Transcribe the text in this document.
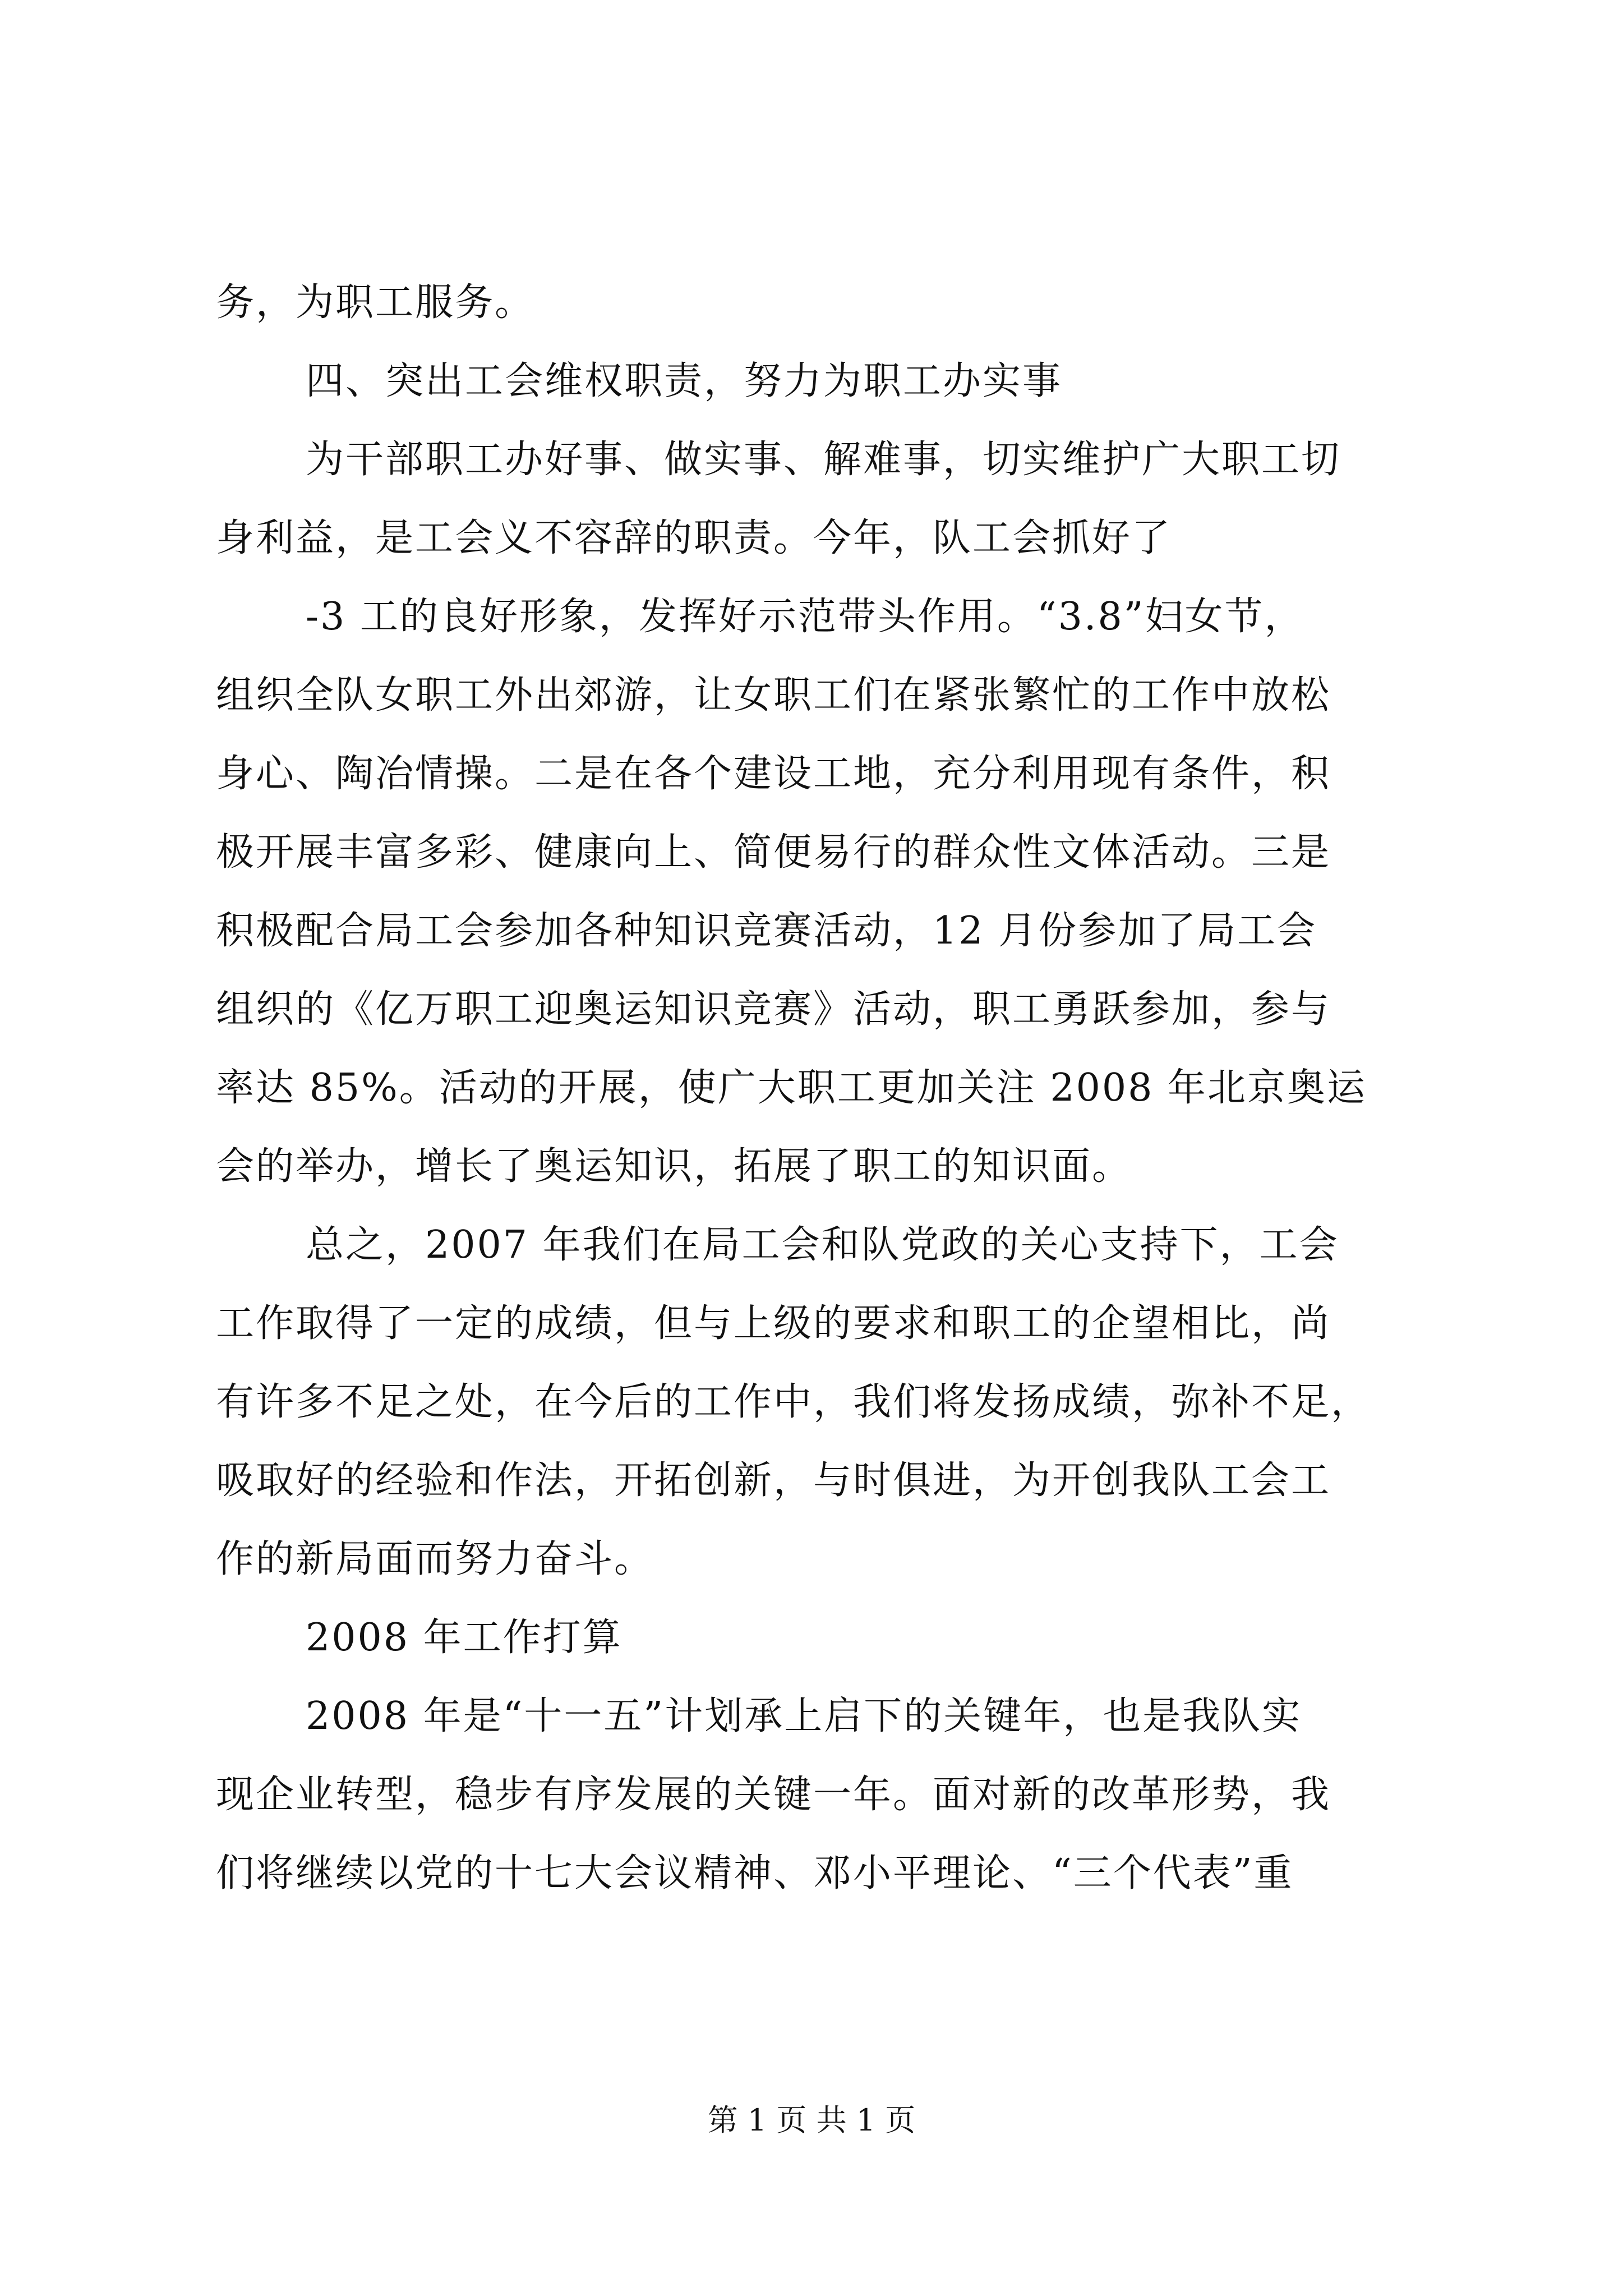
务，为职工服务。
四、突出工会维权职责，努力为职工办实事
为干部职工办好事、做实事、解难事，切实维护广大职工切
身利益，是工会义不容辞的职责。今年，队工会抓好了
-3 工的良好形象，发挥好示范带头作用。“3.8”妇女节，
组织全队女职工外出郊游，让女职工们在紧张繁忙的工作中放松
身心、陶冶情操。二是在各个建设工地，充分利用现有条件，积
极开展丰富多彩、健康向上、简便易行的群众性文体活动。三是
积极配合局工会参加各种知识竞赛活动，12 月份参加了局工会
组织的《亿万职工迎奥运知识竞赛》活动，职工勇跃参加，参与
率达 85%。活动的开展，使广大职工更加关注 2008 年北京奥运
会的举办，增长了奥运知识，拓展了职工的知识面。
总之，2007 年我们在局工会和队党政的关心支持下，工会
工作取得了一定的成绩，但与上级的要求和职工的企望相比，尚
有许多不足之处，在今后的工作中，我们将发扬成绩，弥补不足，
吸取好的经验和作法，开拓创新，与时俱进，为开创我队工会工
作的新局面而努力奋斗。
2008 年工作打算
2008 年是“十一五”计划承上启下的关键年，也是我队实
现企业转型，稳步有序发展的关键一年。面对新的改革形势，我
们将继续以党的十七大会议精神、邓小平理论、“三个代表”重
第 1 页 共 1 页
